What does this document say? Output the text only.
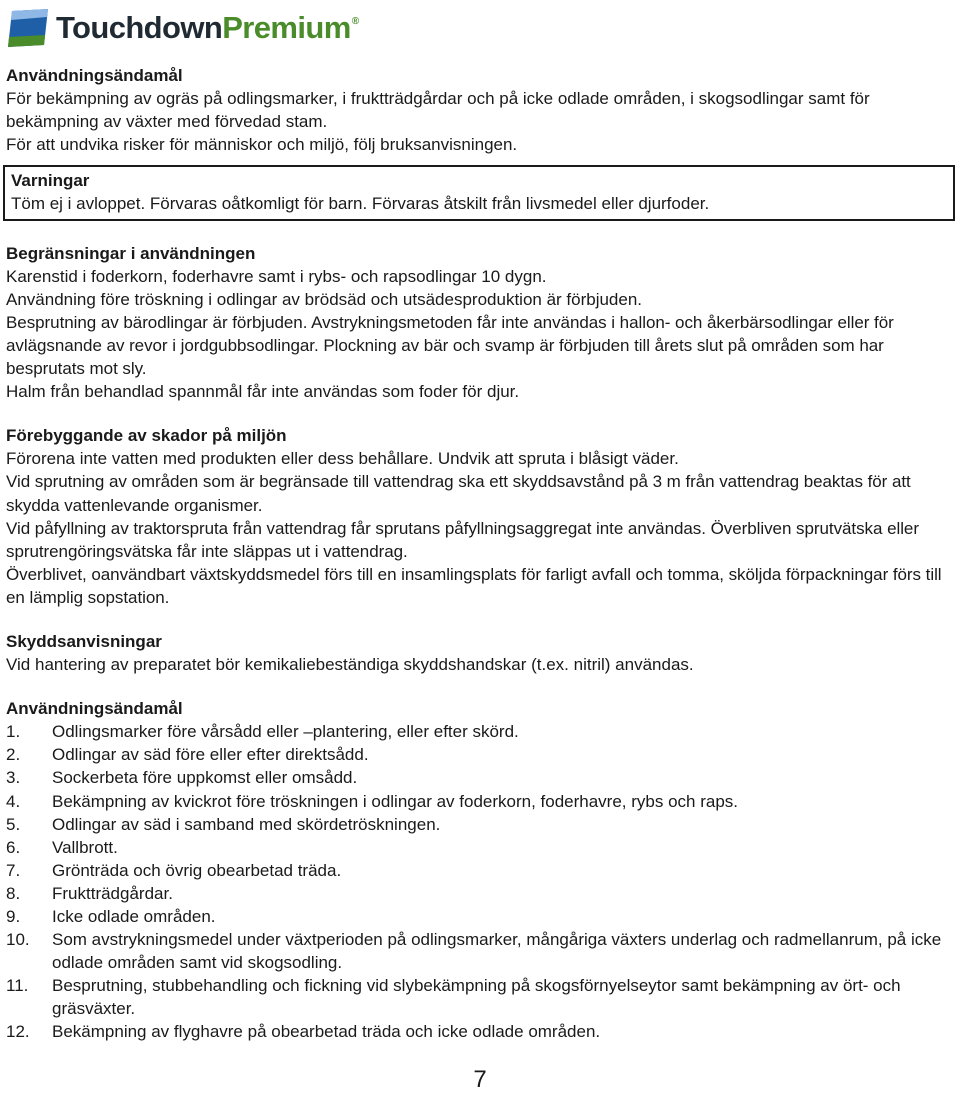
TouchdownPremium®
Användningsändamål

För bekämpning av ogräs på odlingsmarker, i fruktträdgårdar och på icke odlade områden, i skogsodlingar samt för bekämpning av växter med förvedad stam.

För att undvika risker för människor och miljö, följ bruksanvisningen.

Varningar

Töm ej i avloppet. Förvaras oåtkomligt för barn. Förvaras åtskilt från livsmedel eller djurfoder.

Begränsningar i användningen

Karenstid i foderkorn, foderhavre samt i rybs- och rapsodlingar 10 dygn.

Användning före tröskning i odlingar av brödsäd och utsädesproduktion är förbjuden.

Besprutning av bärodlingar är förbjuden. Avstrykningsmetoden får inte användas i hallon- och åkerbärsodlingar eller för avlägsnande av revor i jordgubbsodlingar. Plockning av bär och svamp är förbjuden till årets slut på områden som har besprutats mot sly.

Halm från behandlad spannmål får inte användas som foder för djur.

Förebyggande av skador på miljön

Förorena inte vatten med produkten eller dess behållare. Undvik att spruta i blåsigt väder.

Vid sprutning av områden som är begränsade till vattendrag ska ett skyddsavstånd på 3 m från vattendrag beaktas för att skydda vattenlevande organismer.

Vid påfyllning av traktorspruta från vattendrag får sprutans påfyllningsaggregat inte användas. Överbliven sprutvätska eller sprutrengöringsvätska får inte släppas ut i vattendrag.

Överblivet, oanvändbart växtskyddsmedel förs till en insamlingsplats för farligt avfall och tomma, sköljda förpackningar förs till en lämplig sopstation.

Skyddsanvisningar

Vid hantering av preparatet bör kemikaliebeständiga skyddshandskar (t.ex. nitril) användas.

Användningsändamål
1.	Odlingsmarker före vårsådd eller –plantering, eller efter skörd.
2.	Odlingar av säd före eller efter direktsådd.
3.	Sockerbeta före uppkomst eller omsådd.
4.	Bekämpning av kvickrot före tröskningen i odlingar av foderkorn, foderhavre, rybs och raps.
5.	Odlingar av säd i samband med skördetröskningen.
6.	Vallbrott.
7.	Grönträda och övrig obearbetad träda.
8.	Fruktträdgårdar.
9.	Icke odlade områden.
10.	Som avstrykningsmedel under växtperioden på odlingsmarker, mångåriga växters underlag och radmellanrum, på icke odlade områden samt vid skogsodling.
11.	Besprutning, stubbehandling och fickning vid slybekämpning på skogsförnyelseytor samt bekämpning av ört- och gräsväxter.
12.	Bekämpning av flyghavre på obearbetad träda och icke odlade områden.
7
